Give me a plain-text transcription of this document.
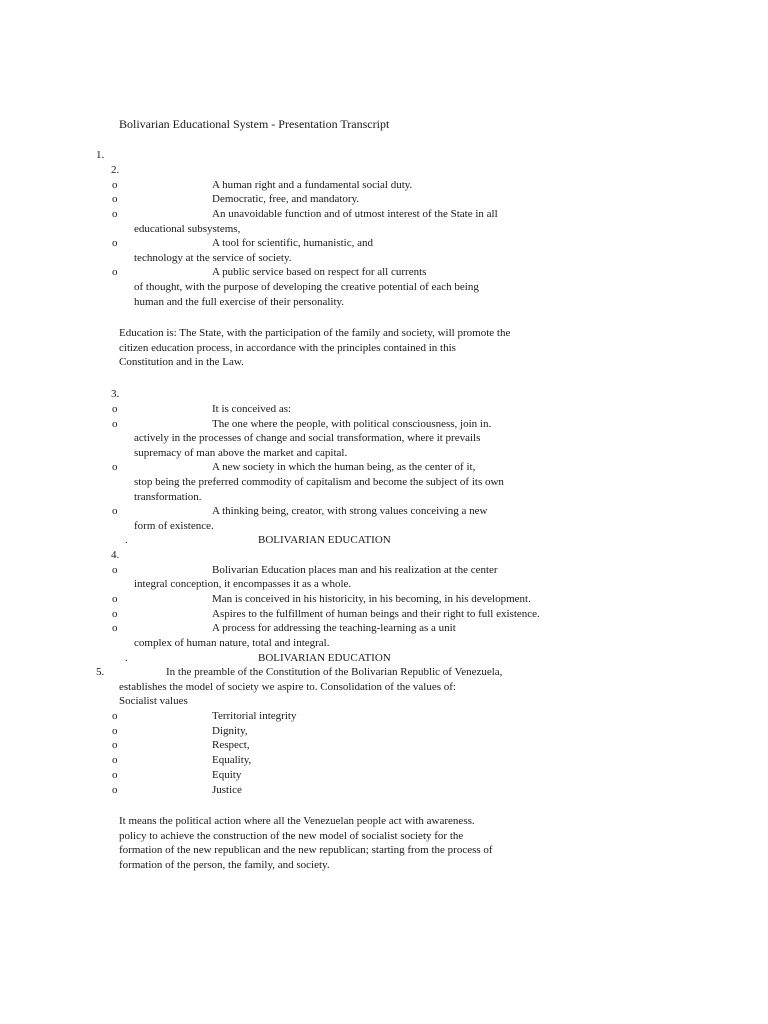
Bolivarian Educational System - Presentation Transcript
1.
2.
o	A human right and a fundamental social duty.
o	Democratic, free, and mandatory.
o	An unavoidable function and of utmost interest of the State in all
educational subsystems,
o	A tool for scientific, humanistic, and
technology at the service of society.
o	A public service based on respect for all currents
of thought, with the purpose of developing the creative potential of each being
human and the full exercise of their personality.
Education is: The State, with the participation of the family and society, will promote the
citizen education process, in accordance with the principles contained in this
Constitution and in the Law.
3.
o	It is conceived as:
o	The one where the people, with political consciousness, join in.
actively in the processes of change and social transformation, where it prevails
supremacy of man above the market and capital.
o	A new society in which the human being, as the center of it,
stop being the preferred commodity of capitalism and become the subject of its own
transformation.
o	A thinking being, creator, with strong values conceiving a new
form of existence.
.	BOLIVARIAN EDUCATION
4.
o	Bolivarian Education places man and his realization at the center
integral conception, it encompasses it as a whole.
o	Man is conceived in his historicity, in his becoming, in his development.
o	Aspires to the fulfillment of human beings and their right to full existence.
o	A process for addressing the teaching-learning as a unit
complex of human nature, total and integral.
.	BOLIVARIAN EDUCATION
5.	In the preamble of the Constitution of the Bolivarian Republic of Venezuela,
establishes the model of society we aspire to. Consolidation of the values of:
Socialist values
o	Territorial integrity
o	Dignity,
o	Respect,
o	Equality,
o	Equity
o	Justice
It means the political action where all the Venezuelan people act with awareness.
policy to achieve the construction of the new model of socialist society for the
formation of the new republican and the new republican; starting from the process of
formation of the person, the family, and society.
